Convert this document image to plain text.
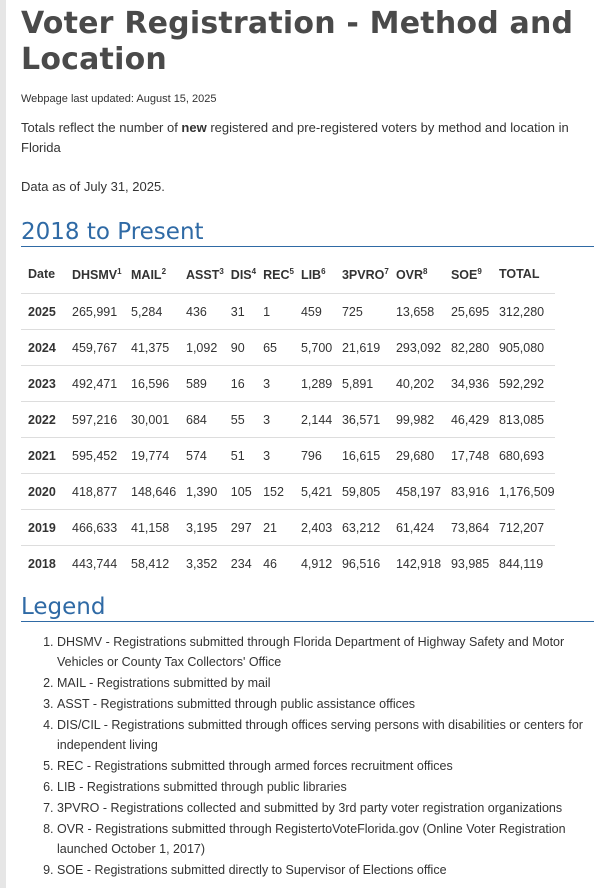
Voter Registration - Method and Location
Webpage last updated: August 15, 2025
Totals reflect the number of new registered and pre-registered voters by method and location in Florida
Data as of July 31, 2025.
2018 to Present
Date	DHSMV$^1$	MAIL$^2$	ASST$^3$	DIS$^4$	REC$^5$	LIB$^6$	3PVRO$^7$	OVR$^8$	SOE$^9$	TOTAL
2025	265,991	5,284	436	31	1	459	725	13,658	25,695	312,280
2024	459,767	41,375	1,092	90	65	5,700	21,619	293,092	82,280	905,080
2023	492,471	16,596	589	16	3	1,289	5,891	40,202	34,936	592,292
2022	597,216	30,001	684	55	3	2,144	36,571	99,982	46,429	813,085
2021	595,452	19,774	574	51	3	796	16,615	29,680	17,748	680,693
2020	418,877	148,646	1,390	105	152	5,421	59,805	458,197	83,916	1,176,509
2019	466,633	41,158	3,195	297	21	2,403	63,212	61,424	73,864	712,207
2018	443,744	58,412	3,352	234	46	4,912	96,516	142,918	93,985	844,119
Legend
1. DHSMV - Registrations submitted through Florida Department of Highway Safety and Motor Vehicles or County Tax Collectors' Office
2. MAIL - Registrations submitted by mail
3. ASST - Registrations submitted through public assistance offices
4. DIS/CIL - Registrations submitted through offices serving persons with disabilities or centers for independent living
5. REC - Registrations submitted through armed forces recruitment offices
6. LIB - Registrations submitted through public libraries
7. 3PVRO - Registrations collected and submitted by 3rd party voter registration organizations
8. OVR - Registrations submitted through RegistertoVoteFlorida.gov (Online Voter Registration launched October 1, 2017)
9. SOE - Registrations submitted directly to Supervisor of Elections office
